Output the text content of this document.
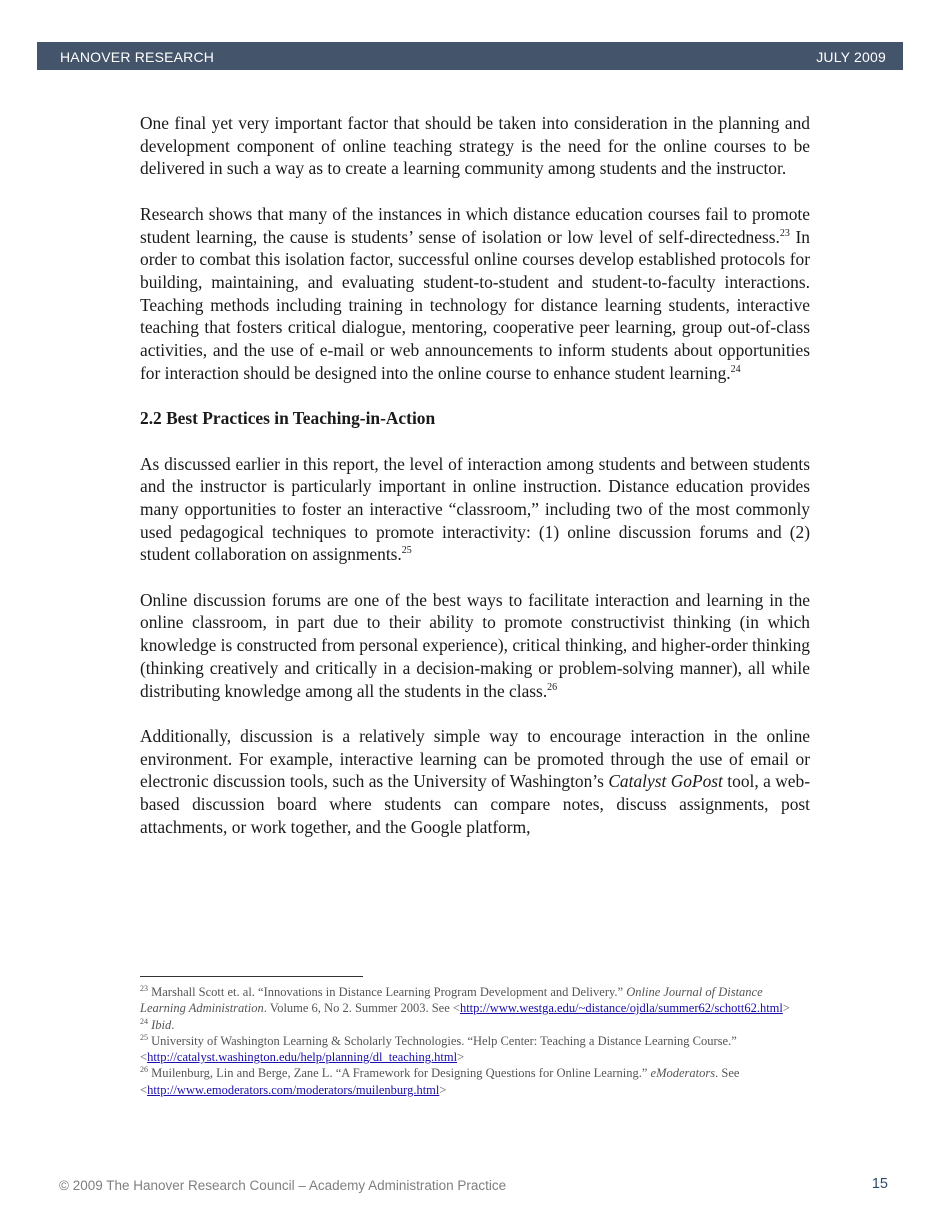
HANOVER RESEARCH	JULY 2009

One final yet very important factor that should be taken into consideration in the planning and development component of online teaching strategy is the need for the online courses to be delivered in such a way as to create a learning community among students and the instructor.

Research shows that many of the instances in which distance education courses fail to promote student learning, the cause is students’ sense of isolation or low level of self-directedness.$^{23}$ In order to combat this isolation factor, successful online courses develop established protocols for building, maintaining, and evaluating student-to-student and student-to-faculty interactions. Teaching methods including training in technology for distance learning students, interactive teaching that fosters critical dialogue, mentoring, cooperative peer learning, group out-of-class activities, and the use of e-mail or web announcements to inform students about opportunities for interaction should be designed into the online course to enhance student learning.$^{24}$

2.2 Best Practices in Teaching-in-Action

As discussed earlier in this report, the level of interaction among students and between students and the instructor is particularly important in online instruction. Distance education provides many opportunities to foster an interactive “classroom,” including two of the most commonly used pedagogical techniques to promote interactivity: (1) online discussion forums and (2) student collaboration on assignments.$^{25}$

Online discussion forums are one of the best ways to facilitate interaction and learning in the online classroom, in part due to their ability to promote constructivist thinking (in which knowledge is constructed from personal experience), critical thinking, and higher-order thinking (thinking creatively and critically in a decision-making or problem-solving manner), all while distributing knowledge among all the students in the class.$^{26}$

Additionally, discussion is a relatively simple way to encourage interaction in the online environment. For example, interactive learning can be promoted through the use of email or electronic discussion tools, such as the University of Washington’s Catalyst GoPost tool, a web-based discussion board where students can compare notes, discuss assignments, post attachments, or work together, and the Google platform,

$^{23}$ Marshall Scott et. al. “Innovations in Distance Learning Program Development and Delivery.” Online Journal of Distance Learning Administration. Volume 6, No 2. Summer 2003. See <http://www.westga.edu/~distance/ojdla/summer62/schott62.html>

$^{24}$ Ibid.

$^{25}$ University of Washington Learning & Scholarly Technologies. “Help Center: Teaching a Distance Learning Course.” <http://catalyst.washington.edu/help/planning/dl_teaching.html>

$^{26}$ Muilenburg, Lin and Berge, Zane L. “A Framework for Designing Questions for Online Learning.” eModerators. See
<http://www.emoderators.com/moderators/muilenburg.html>

© 2009 The Hanover Research Council – Academy Administration Practice	15
